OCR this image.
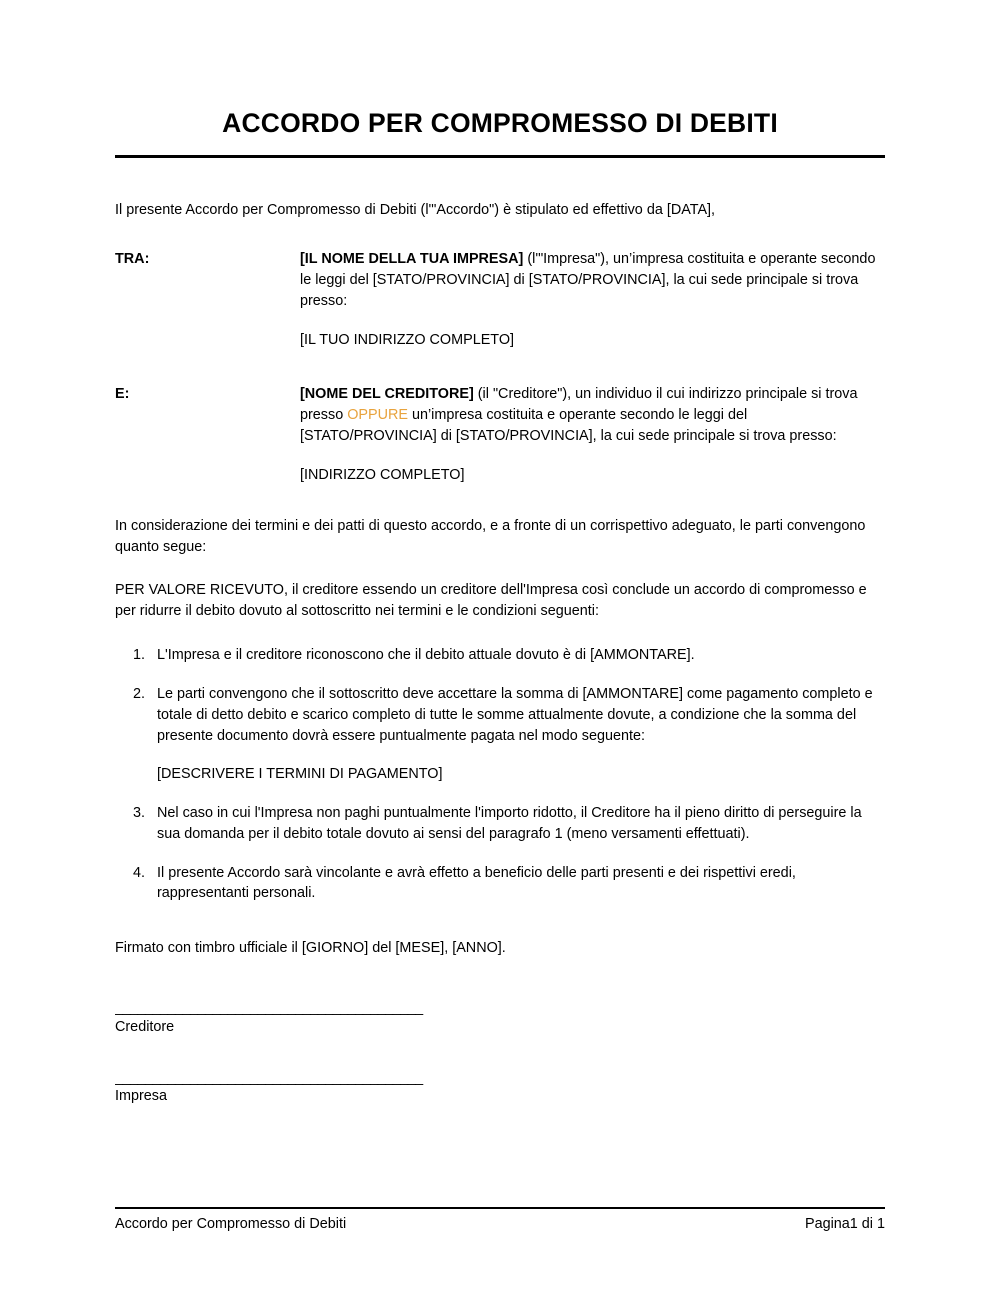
ACCORDO PER COMPROMESSO DI DEBITI

Il presente Accordo per Compromesso di Debiti (l'"Accordo") è stipulato ed effettivo da [DATA],

TRA:	[IL NOME DELLA TUA IMPRESA] (l'"Impresa"), un’impresa costituita e operante secondo le leggi del [STATO/PROVINCIA] di [STATO/PROVINCIA], la cui sede principale si trova presso:

[IL TUO INDIRIZZO COMPLETO]

E:	[NOME DEL CREDITORE] (il "Creditore"), un individuo il cui indirizzo principale si trova presso OPPURE un’impresa costituita e operante secondo le leggi del [STATO/PROVINCIA] di [STATO/PROVINCIA], la cui sede principale si trova presso:

[INDIRIZZO COMPLETO]

In considerazione dei termini e dei patti di questo accordo, e a fronte di un corrispettivo adeguato, le parti convengono quanto segue:

PER VALORE RICEVUTO, il creditore essendo un creditore dell'Impresa così conclude un accordo di compromesso e per ridurre il debito dovuto al sottoscritto nei termini e le condizioni seguenti:

1. L'Impresa e il creditore riconoscono che il debito attuale dovuto è di [AMMONTARE].
2. Le parti convengono che il sottoscritto deve accettare la somma di [AMMONTARE] come pagamento completo e totale di detto debito e scarico completo di tutte le somme attualmente dovute, a condizione che la somma del presente documento dovrà essere puntualmente pagata nel modo seguente:
[DESCRIVERE I TERMINI DI PAGAMENTO]
3. Nel caso in cui l'Impresa non paghi puntualmente l'importo ridotto, il Creditore ha il pieno diritto di perseguire la sua domanda per il debito totale dovuto ai sensi del paragrafo 1 (meno versamenti effettuati).
4. Il presente Accordo sarà vincolante e avrà effetto a beneficio delle parti presenti e dei rispettivi eredi, rappresentanti personali.

Firmato con timbro ufficiale il [GIORNO] del [MESE], [ANNO].

_________________________________________
Creditore
_________________________________________
Impresa
Accordo per Compromesso di Debiti	Pagina1 di 1
